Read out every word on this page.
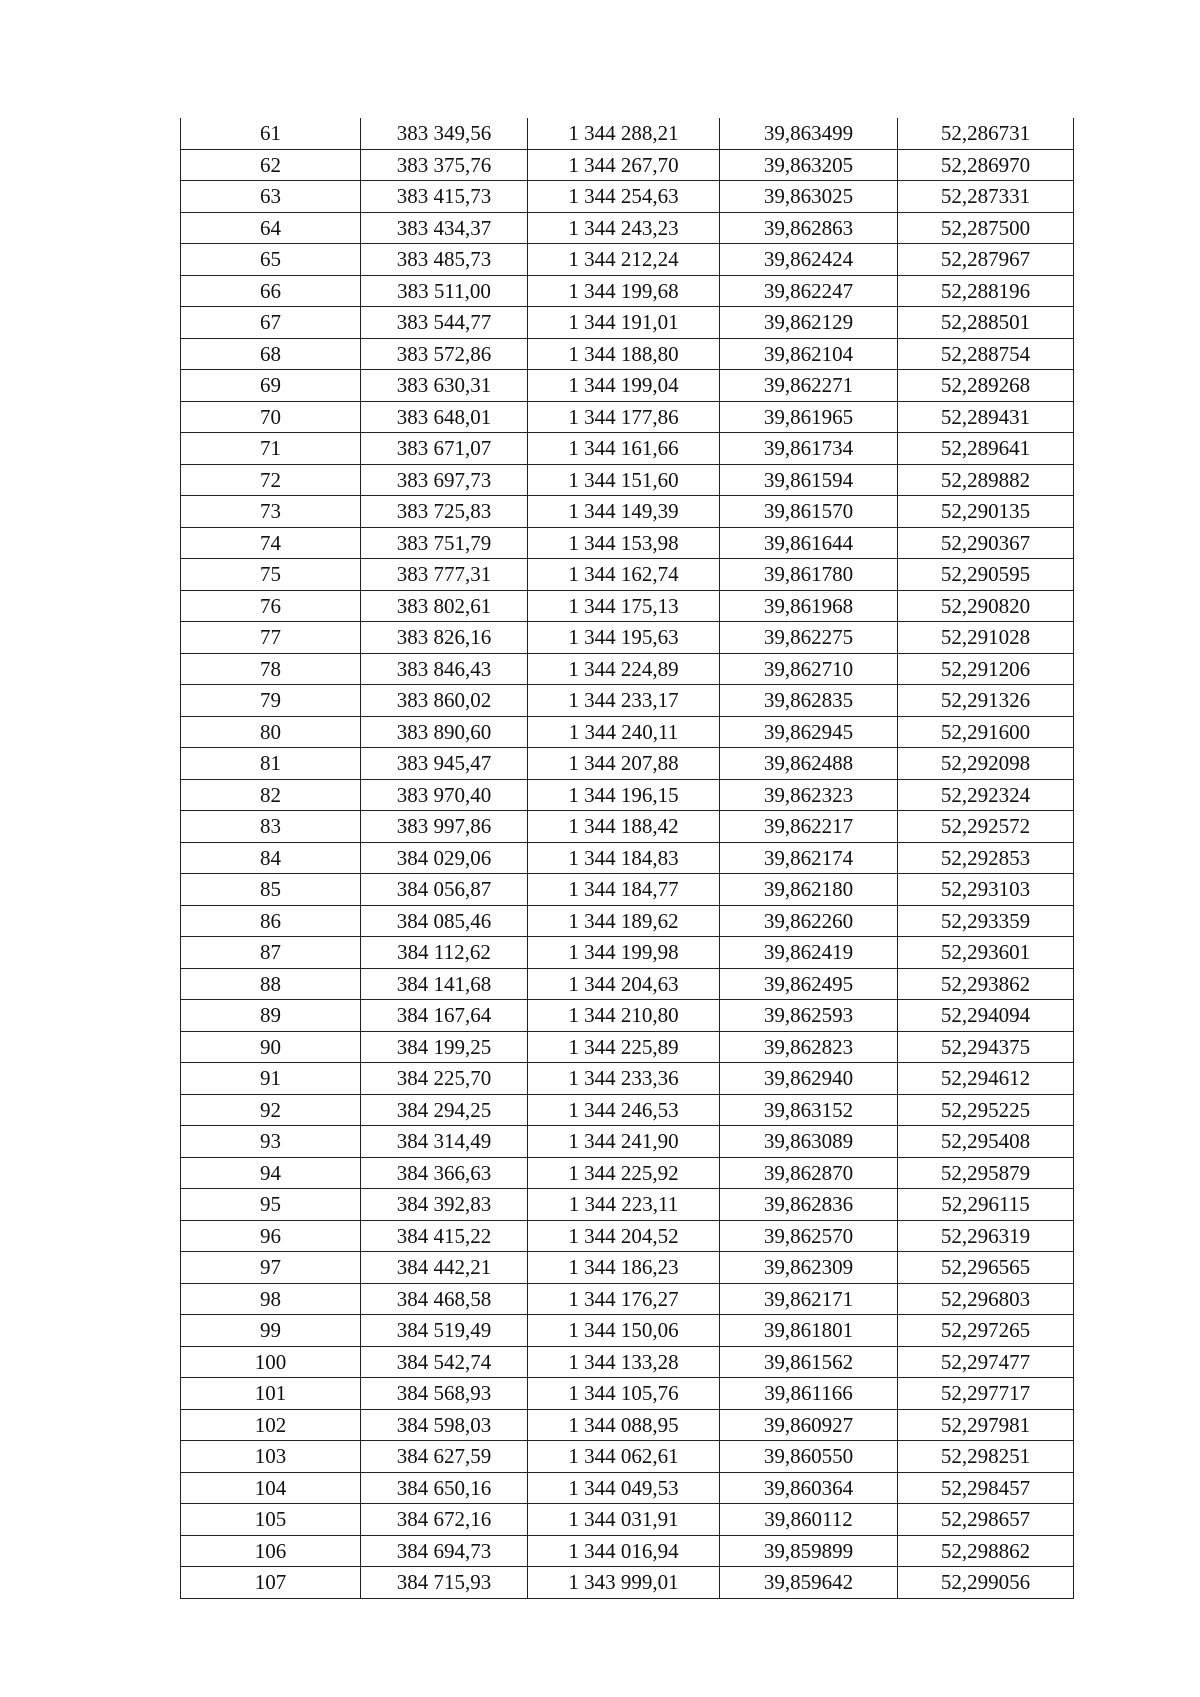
61	383 349,56	1 344 288,21	39,863499	52,286731
62	383 375,76	1 344 267,70	39,863205	52,286970
63	383 415,73	1 344 254,63	39,863025	52,287331
64	383 434,37	1 344 243,23	39,862863	52,287500
65	383 485,73	1 344 212,24	39,862424	52,287967
66	383 511,00	1 344 199,68	39,862247	52,288196
67	383 544,77	1 344 191,01	39,862129	52,288501
68	383 572,86	1 344 188,80	39,862104	52,288754
69	383 630,31	1 344 199,04	39,862271	52,289268
70	383 648,01	1 344 177,86	39,861965	52,289431
71	383 671,07	1 344 161,66	39,861734	52,289641
72	383 697,73	1 344 151,60	39,861594	52,289882
73	383 725,83	1 344 149,39	39,861570	52,290135
74	383 751,79	1 344 153,98	39,861644	52,290367
75	383 777,31	1 344 162,74	39,861780	52,290595
76	383 802,61	1 344 175,13	39,861968	52,290820
77	383 826,16	1 344 195,63	39,862275	52,291028
78	383 846,43	1 344 224,89	39,862710	52,291206
79	383 860,02	1 344 233,17	39,862835	52,291326
80	383 890,60	1 344 240,11	39,862945	52,291600
81	383 945,47	1 344 207,88	39,862488	52,292098
82	383 970,40	1 344 196,15	39,862323	52,292324
83	383 997,86	1 344 188,42	39,862217	52,292572
84	384 029,06	1 344 184,83	39,862174	52,292853
85	384 056,87	1 344 184,77	39,862180	52,293103
86	384 085,46	1 344 189,62	39,862260	52,293359
87	384 112,62	1 344 199,98	39,862419	52,293601
88	384 141,68	1 344 204,63	39,862495	52,293862
89	384 167,64	1 344 210,80	39,862593	52,294094
90	384 199,25	1 344 225,89	39,862823	52,294375
91	384 225,70	1 344 233,36	39,862940	52,294612
92	384 294,25	1 344 246,53	39,863152	52,295225
93	384 314,49	1 344 241,90	39,863089	52,295408
94	384 366,63	1 344 225,92	39,862870	52,295879
95	384 392,83	1 344 223,11	39,862836	52,296115
96	384 415,22	1 344 204,52	39,862570	52,296319
97	384 442,21	1 344 186,23	39,862309	52,296565
98	384 468,58	1 344 176,27	39,862171	52,296803
99	384 519,49	1 344 150,06	39,861801	52,297265
100	384 542,74	1 344 133,28	39,861562	52,297477
101	384 568,93	1 344 105,76	39,861166	52,297717
102	384 598,03	1 344 088,95	39,860927	52,297981
103	384 627,59	1 344 062,61	39,860550	52,298251
104	384 650,16	1 344 049,53	39,860364	52,298457
105	384 672,16	1 344 031,91	39,860112	52,298657
106	384 694,73	1 344 016,94	39,859899	52,298862
107	384 715,93	1 343 999,01	39,859642	52,299056
